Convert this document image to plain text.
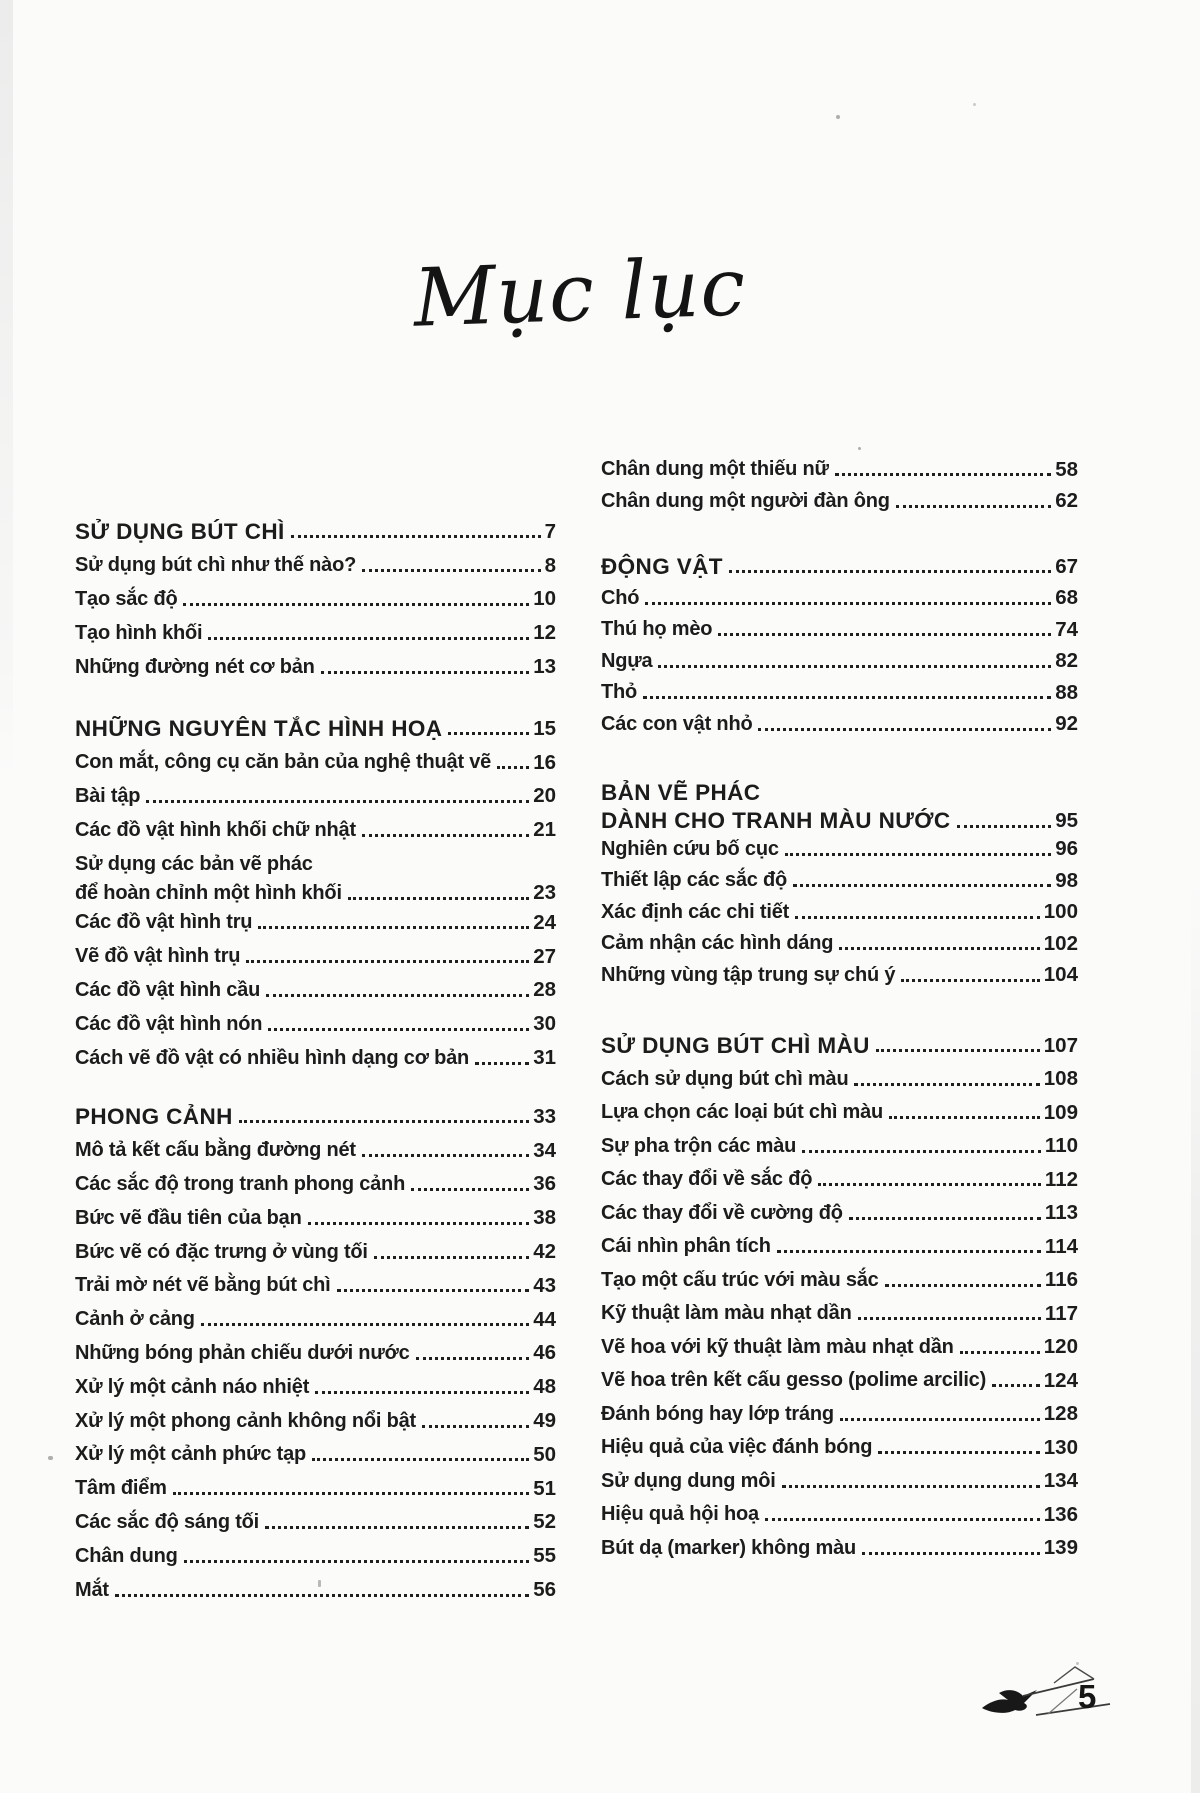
Mục lục
SỬ DỤNG BÚT CHÌ	7
Sử dụng bút chì như thế nào?	8
Tạo sắc độ	10
Tạo hình khối	12
Những đường nét cơ bản	13
NHỮNG NGUYÊN TẮC HÌNH HOẠ	15
Con mắt, công cụ căn bản của nghệ thuật vẽ 16
Bài tập	20
Các đồ vật hình khối chữ nhật	21
Sử dụng các bản vẽ phác
để hoàn chỉnh một hình khối	23
Các đồ vật hình trụ	24
Vẽ đồ vật hình trụ	27
Các đồ vật hình cầu	28
Các đồ vật hình nón	30
Cách vẽ đồ vật có nhiều hình dạng cơ bản	31
PHONG CẢNH	33
Mô tả kết cấu bằng đường nét	34
Các sắc độ trong tranh phong cảnh	36
Bức vẽ đầu tiên của bạn	38
Bức vẽ có đặc trưng ở vùng tối	42
Trải mờ nét vẽ bằng bút chì	43
Cảnh ở cảng	44
Những bóng phản chiếu dưới nước	46
Xử lý một cảnh náo nhiệt	48
Xử lý một phong cảnh không nổi bật	49
Xử lý một cảnh phức tạp	50
Tâm điểm	51
Các sắc độ sáng tối	52
Chân dung	55
Mắt	56
Chân dung một thiếu nữ	58
Chân dung một người đàn ông	62
ĐỘNG VẬT	67
Chó	68
Thú họ mèo	74
Ngựa	82
Thỏ	88
Các con vật nhỏ	92
BẢN VẼ PHÁC
DÀNH CHO TRANH MÀU NƯỚC	95
Nghiên cứu bố cục	96
Thiết lập các sắc độ	98
Xác định các chi tiết	100
Cảm nhận các hình dáng	102
Những vùng tập trung sự chú ý	104
SỬ DỤNG BÚT CHÌ MÀU	107
Cách sử dụng bút chì màu	108
Lựa chọn các loại bút chì màu	109
Sự pha trộn các màu	110
Các thay đổi về sắc độ	112
Các thay đổi về cường độ	113
Cái nhìn phân tích	114
Tạo một cấu trúc với màu sắc	116
Kỹ thuật làm màu nhạt dần	117
Vẽ hoa với kỹ thuật làm màu nhạt dần	120
Vẽ hoa trên kết cấu gesso (polime arcilic)	124
Đánh bóng hay lớp tráng	128
Hiệu quả của việc đánh bóng	130
Sử dụng dung môi	134
Hiệu quả hội hoạ	136
Bút dạ (marker) không màu	139
5
